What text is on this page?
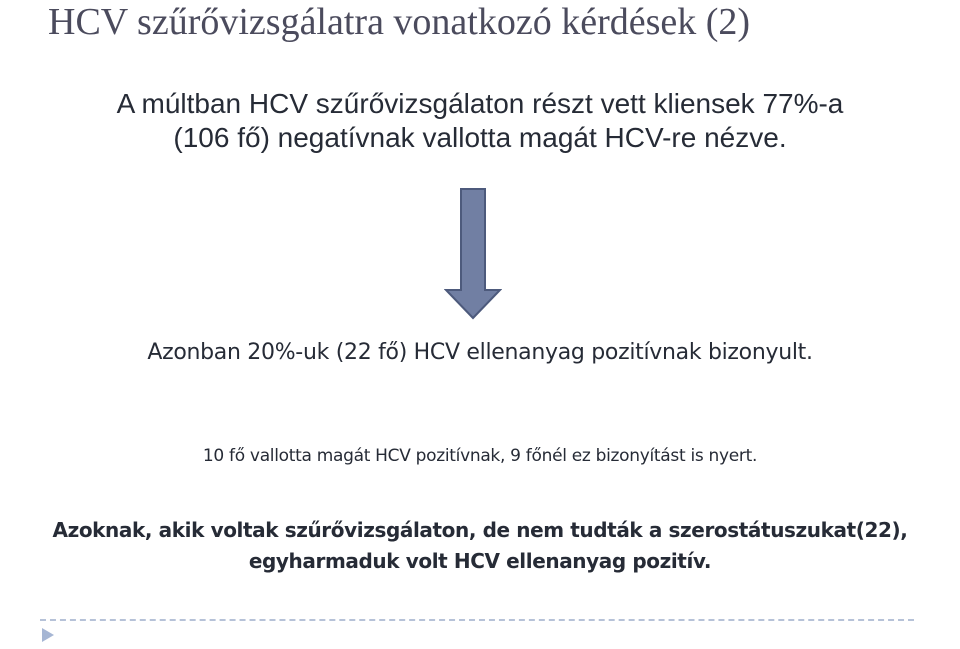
HCV szűrővizsgálatra vonatkozó kérdések (2)
A múltban HCV szűrővizsgálaton részt vett kliensek 77%-a
(106 fő) negatívnak vallotta magát HCV-re nézve.
Azonban 20%-uk (22 fő) HCV ellenanyag pozitívnak bizonyult.
10 fő vallotta magát HCV pozitívnak, 9 főnél ez bizonyítást is nyert.
Azoknak, akik voltak szűrővizsgálaton, de nem tudták a szerostátuszukat(22),
egyharmaduk volt HCV ellenanyag pozitív.
